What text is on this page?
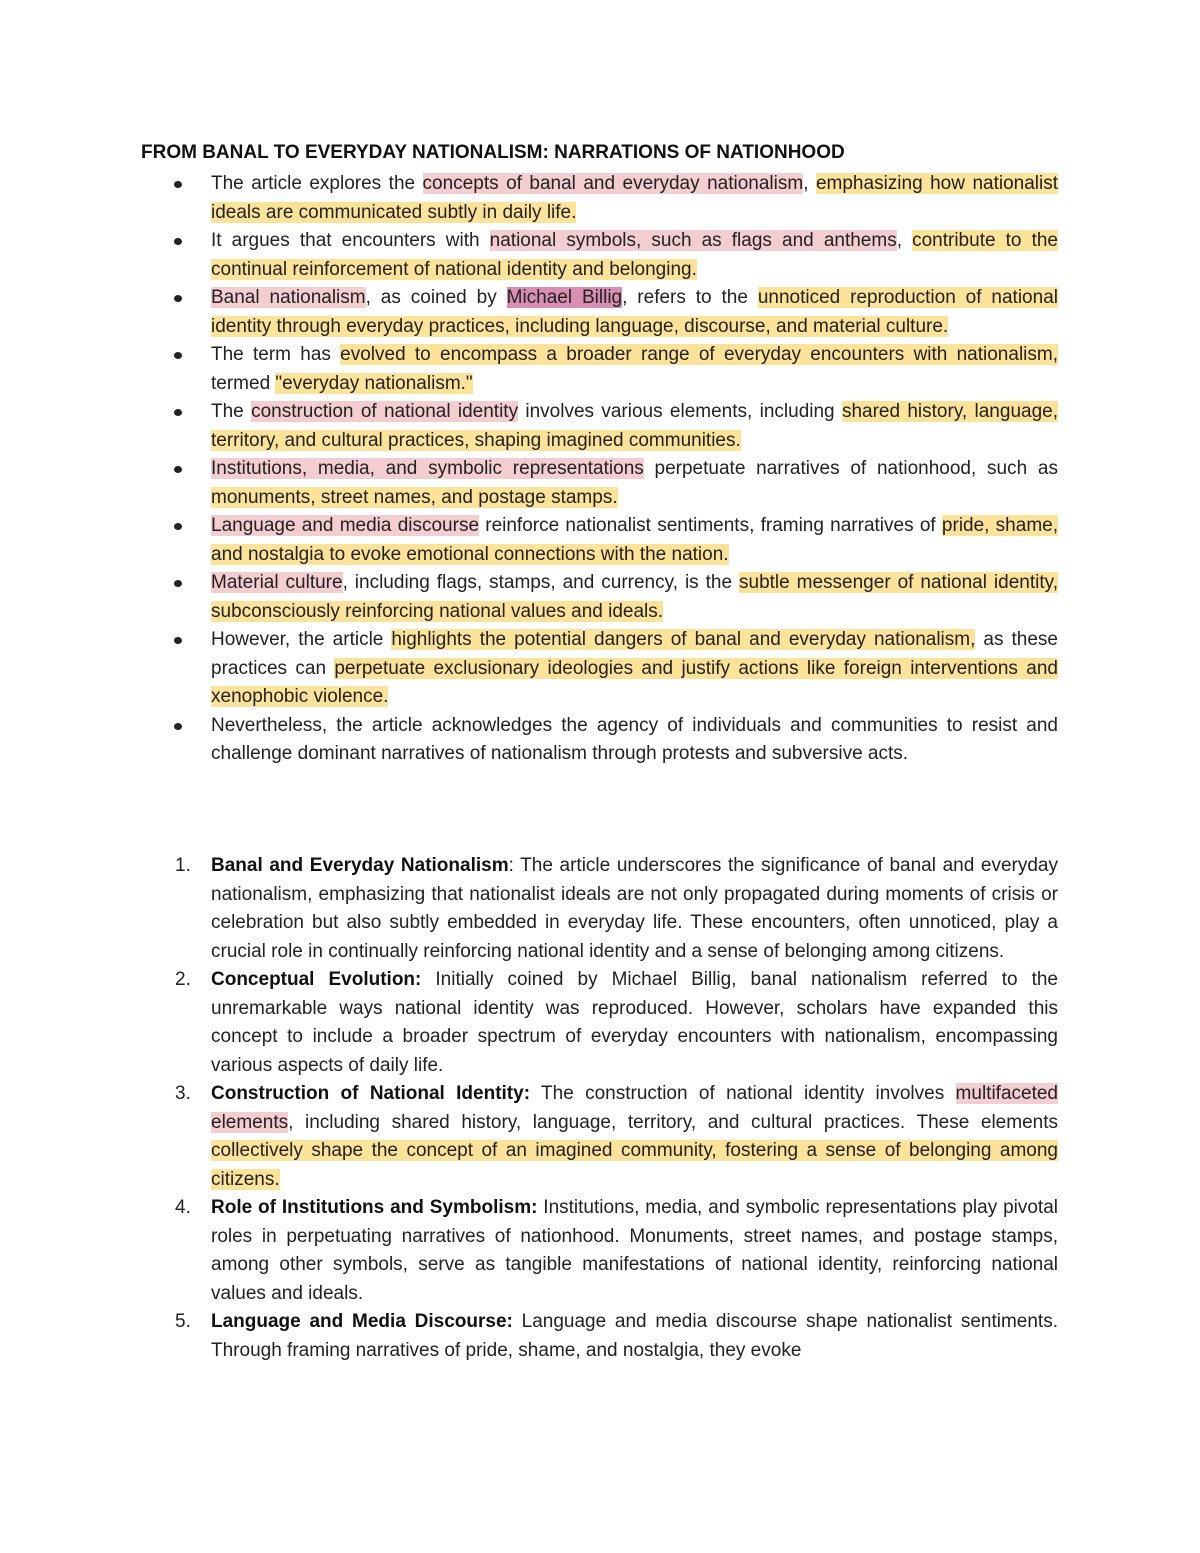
FROM BANAL TO EVERYDAY NATIONALISM: NARRATIONS OF NATIONHOOD
The article explores the concepts of banal and everyday nationalism, emphasizing how nationalist ideals are communicated subtly in daily life.
It argues that encounters with national symbols, such as flags and anthems, contribute to the continual reinforcement of national identity and belonging.
Banal nationalism, as coined by Michael Billig, refers to the unnoticed reproduction of national identity through everyday practices, including language, discourse, and material culture.
The term has evolved to encompass a broader range of everyday encounters with nationalism, termed "everyday nationalism."
The construction of national identity involves various elements, including shared history, language, territory, and cultural practices, shaping imagined communities.
Institutions, media, and symbolic representations perpetuate narratives of nationhood, such as monuments, street names, and postage stamps.
Language and media discourse reinforce nationalist sentiments, framing narratives of pride, shame, and nostalgia to evoke emotional connections with the nation.
Material culture, including flags, stamps, and currency, is the subtle messenger of national identity, subconsciously reinforcing national values and ideals.
However, the article highlights the potential dangers of banal and everyday nationalism, as these practices can perpetuate exclusionary ideologies and justify actions like foreign interventions and xenophobic violence.
Nevertheless, the article acknowledges the agency of individuals and communities to resist and challenge dominant narratives of nationalism through protests and subversive acts.
1.	Banal and Everyday Nationalism: The article underscores the significance of banal and everyday nationalism, emphasizing that nationalist ideals are not only propagated during moments of crisis or celebration but also subtly embedded in everyday life. These encounters, often unnoticed, play a crucial role in continually reinforcing national identity and a sense of belonging among citizens.
2.	Conceptual Evolution: Initially coined by Michael Billig, banal nationalism referred to the unremarkable ways national identity was reproduced. However, scholars have expanded this concept to include a broader spectrum of everyday encounters with nationalism, encompassing various aspects of daily life.
3.	Construction of National Identity: The construction of national identity involves multifaceted elements, including shared history, language, territory, and cultural practices. These elements collectively shape the concept of an imagined community, fostering a sense of belonging among citizens.
4.	Role of Institutions and Symbolism: Institutions, media, and symbolic representations play pivotal roles in perpetuating narratives of nationhood. Monuments, street names, and postage stamps, among other symbols, serve as tangible manifestations of national identity, reinforcing national values and ideals.
5.	Language and Media Discourse: Language and media discourse shape nationalist sentiments. Through framing narratives of pride, shame, and nostalgia, they evoke
